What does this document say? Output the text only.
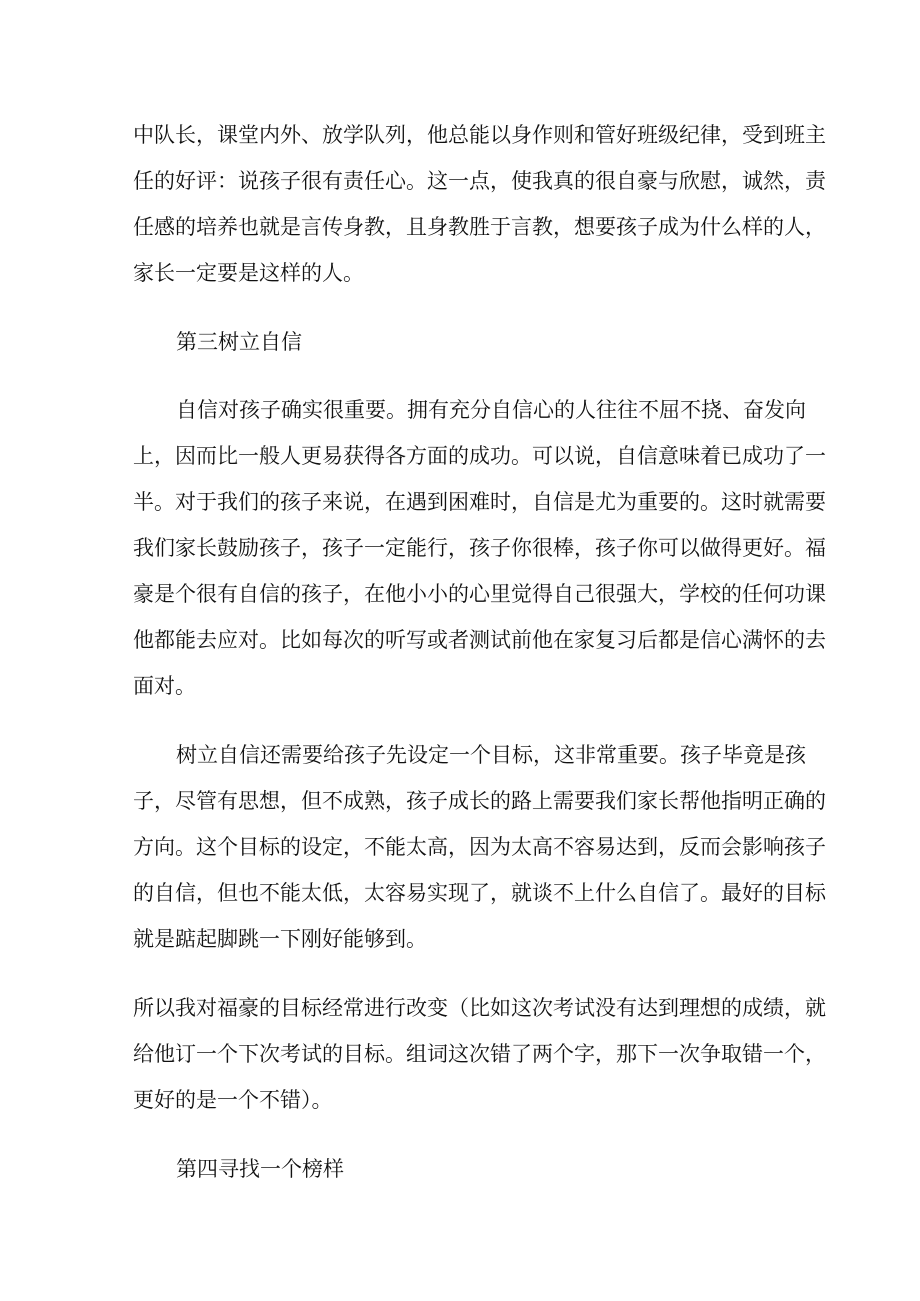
中队长，课堂内外、放学队列，他总能以身作则和管好班级纪律，受到班主
任的好评：说孩子很有责任心。这一点，使我真的很自豪与欣慰，诚然，责
任感的培养也就是言传身教，且身教胜于言教，想要孩子成为什么样的人，
家长一定要是这样的人。
第三树立自信
自信对孩子确实很重要。拥有充分自信心的人往往不屈不挠、奋发向
上，因而比一般人更易获得各方面的成功。可以说，自信意味着已成功了一
半。对于我们的孩子来说，在遇到困难时，自信是尤为重要的。这时就需要
我们家长鼓励孩子，孩子一定能行，孩子你很棒，孩子你可以做得更好。福
豪是个很有自信的孩子，在他小小的心里觉得自己很强大，学校的任何功课
他都能去应对。比如每次的听写或者测试前他在家复习后都是信心满怀的去
面对。
树立自信还需要给孩子先设定一个目标，这非常重要。孩子毕竟是孩
子，尽管有思想，但不成熟，孩子成长的路上需要我们家长帮他指明正确的
方向。这个目标的设定，不能太高，因为太高不容易达到，反而会影响孩子
的自信，但也不能太低，太容易实现了，就谈不上什么自信了。最好的目标
就是踮起脚跳一下刚好能够到。
所以我对福豪的目标经常进行改变（比如这次考试没有达到理想的成绩，就
给他订一个下次考试的目标。组词这次错了两个字，那下一次争取错一个，
更好的是一个不错）。
第四寻找一个榜样
